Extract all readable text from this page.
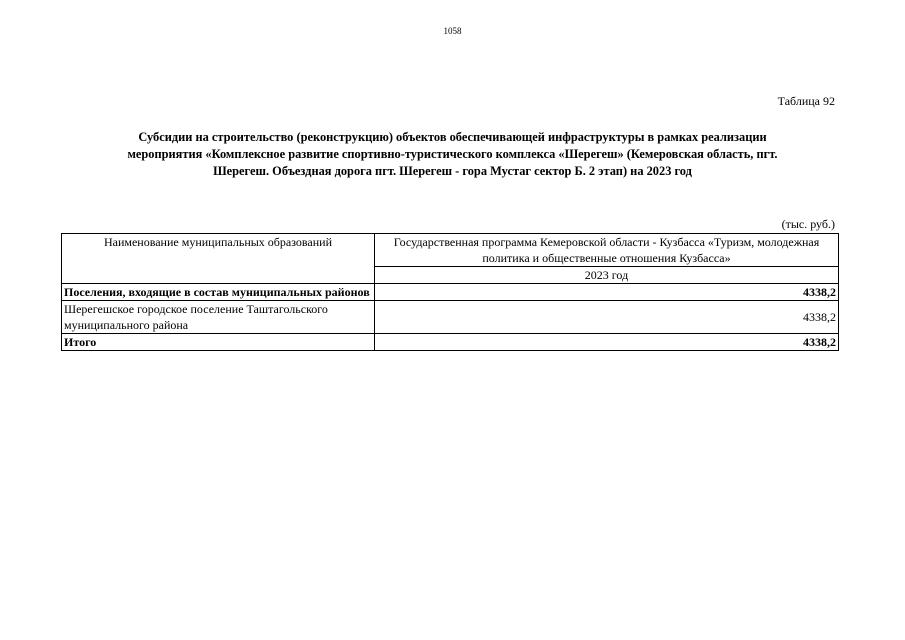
1058
Таблица 92
Субсидии на строительство (реконструкцию) объектов обеспечивающей инфраструктуры в рамках реализации
мероприятия «Комплексное развитие спортивно-туристического комплекса «Шерегеш» (Кемеровская область, пгт.
Шерегеш. Объездная дорога пгт. Шерегеш - гора Мустаг сектор Б. 2 этап) на 2023 год
(тыс. руб.)
Наименование муниципальных образований	Государственная программа Кемеровской области - Кузбасса «Туризм, молодежная политика и общественные отношения Кузбасса»
	2023 год
Поселения, входящие в состав муниципальных районов	4338,2
Шерегешское городское поселение Таштагольского муниципального района	4338,2
Итого	4338,2
